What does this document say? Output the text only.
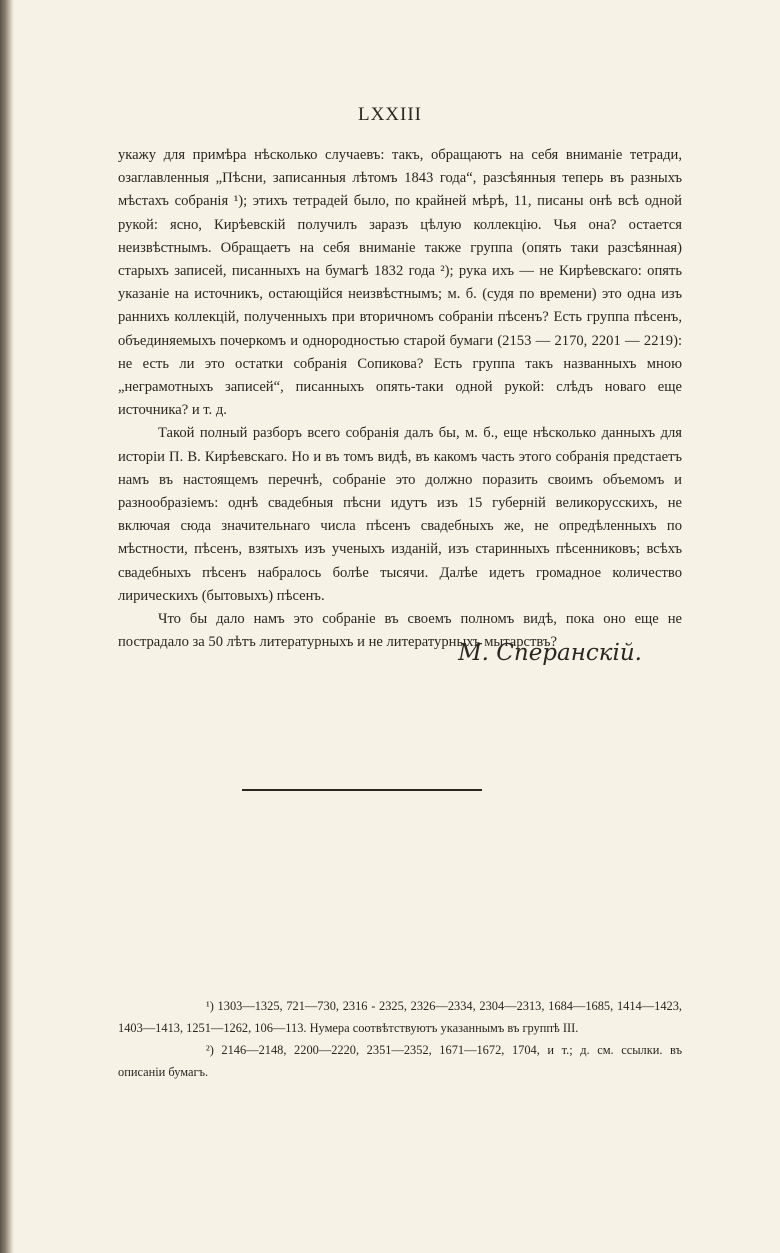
LXXIII

укажу для примѣра нѣсколько случаевъ: такъ, обращаютъ на себя вниманіе тетради, озаглавленныя „Пѣсни, записанныя лѣтомъ 1843 года“, разсѣянныя теперь въ разныхъ мѣстахъ собранія ¹); этихъ тетрадей было, по крайней мѣрѣ, 11, писаны онѣ всѣ одной рукой: ясно, Кирѣевскій получилъ заразъ цѣлую коллекцію. Чья она? остается неизвѣстнымъ. Обращаетъ на себя вниманіе также группа (опять таки разсѣянная) старыхъ записей, писанныхъ на бумагѣ 1832 года ²); рука ихъ — не Кирѣевскаго: опять указаніе на источникъ, остающійся неизвѣстнымъ; м. б. (судя по времени) это одна изъ раннихъ коллекцій, полученныхъ при вторичномъ собраніи пѣсенъ? Есть группа пѣсенъ, объединяемыхъ почеркомъ и однородностью старой бумаги (2153 — 2170, 2201 — 2219): не есть ли это остатки собранія Сопикова? Есть группа такъ названныхъ мною „неграмотныхъ записей“, писанныхъ опять-таки одной рукой: слѣдъ новаго еще источника? и т. д.

Такой полный разборъ всего собранія далъ бы, м. б., еще нѣсколько данныхъ для исторіи П. В. Кирѣевскаго. Но и въ томъ видѣ, въ какомъ часть этого собранія предстаетъ намъ въ настоящемъ перечнѣ, собраніе это должно поразить своимъ объемомъ и разнообразіемъ: однѣ свадебныя пѣсни идутъ изъ 15 губерній великорусскихъ, не включая сюда значительнаго числа пѣсенъ свадебныхъ же, не опредѣленныхъ по мѣстности, пѣсенъ, взятыхъ изъ ученыхъ изданій, изъ старинныхъ пѣсенниковъ; всѣхъ свадебныхъ пѣсенъ набралось болѣе тысячи. Далѣе идетъ громадное количество лирическихъ (бытовыхъ) пѣсенъ.

Что бы дало намъ это собраніе въ своемъ полномъ видѣ, пока оно еще не пострадало за 50 лѣтъ литературныхъ и не литературныхъ мытарствъ?

М. Сперанскій.

¹) 1303—1325, 721—730, 2316 - 2325, 2326—2334, 2304—2313, 1684—1685, 1414—1423, 1403—1413, 1251—1262, 106—113. Нумера соотвѣтствуютъ указаннымъ въ группѣ III.

²) 2146—2148, 2200—2220, 2351—2352, 1671—1672, 1704, и т.; д. см. ссылки. въ описаніи бумагъ.
